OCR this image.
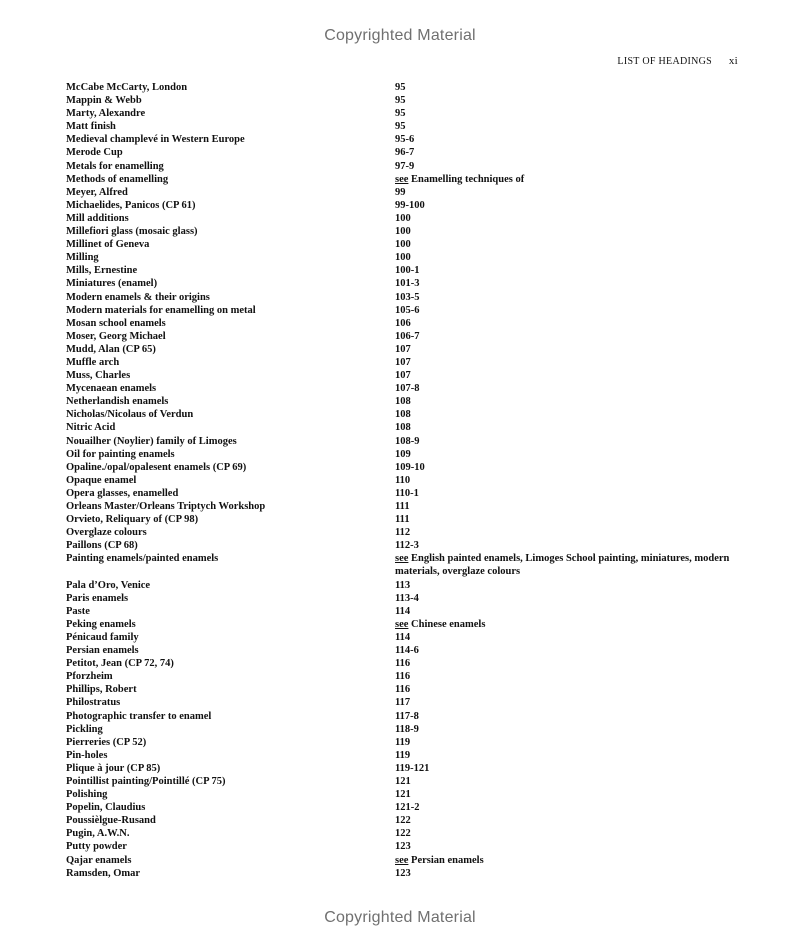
Copyrighted Material
LIST OF HEADINGS xi
McCabe McCarty, London	95
Mappin & Webb	95
Marty, Alexandre	95
Matt finish	95
Medieval champlevé in Western Europe	95-6
Merode Cup	96-7
Metals for enamelling	97-9
Methods of enamelling	see Enamelling techniques of
Meyer, Alfred	99
Michaelides, Panicos (CP 61)	99-100
Mill additions	100
Millefiori glass (mosaic glass)	100
Millinet of Geneva	100
Milling	100
Mills, Ernestine	100-1
Miniatures (enamel)	101-3
Modern enamels & their origins	103-5
Modern materials for enamelling on metal	105-6
Mosan school enamels	106
Moser, Georg Michael	106-7
Mudd, Alan (CP 65)	107
Muffle arch	107
Muss, Charles	107
Mycenaean enamels	107-8
Netherlandish enamels	108
Nicholas/Nicolaus of Verdun	108
Nitric Acid	108
Nouailher (Noylier) family of Limoges	108-9
Oil for painting enamels	109
Opaline./opal/opalesent enamels (CP 69)	109-10
Opaque enamel	110
Opera glasses, enamelled	110-1
Orleans Master/Orleans Triptych Workshop	111
Orvieto, Reliquary of (CP 98)	111
Overglaze colours	112
Paillons (CP 68)	112-3
Painting enamels/painted enamels	see English painted enamels, Limoges School painting, miniatures, modern materials, overglaze colours
Pala d’Oro, Venice	113
Paris enamels	113-4
Paste	114
Peking enamels	see Chinese enamels
Pénicaud family	114
Persian enamels	114-6
Petitot, Jean (CP 72, 74)	116
Pforzheim	116
Phillips, Robert	116
Philostratus	117
Photographic transfer to enamel	117-8
Pickling	118-9
Pierreries (CP 52)	119
Pin-holes	119
Plique à jour (CP 85)	119-121
Pointillist painting/Pointillé (CP 75)	121
Polishing	121
Popelin, Claudius	121-2
Poussièlgue-Rusand	122
Pugin, A.W.N.	122
Putty powder	123
Qajar enamels	see Persian enamels
Ramsden, Omar	123
Copyrighted Material
